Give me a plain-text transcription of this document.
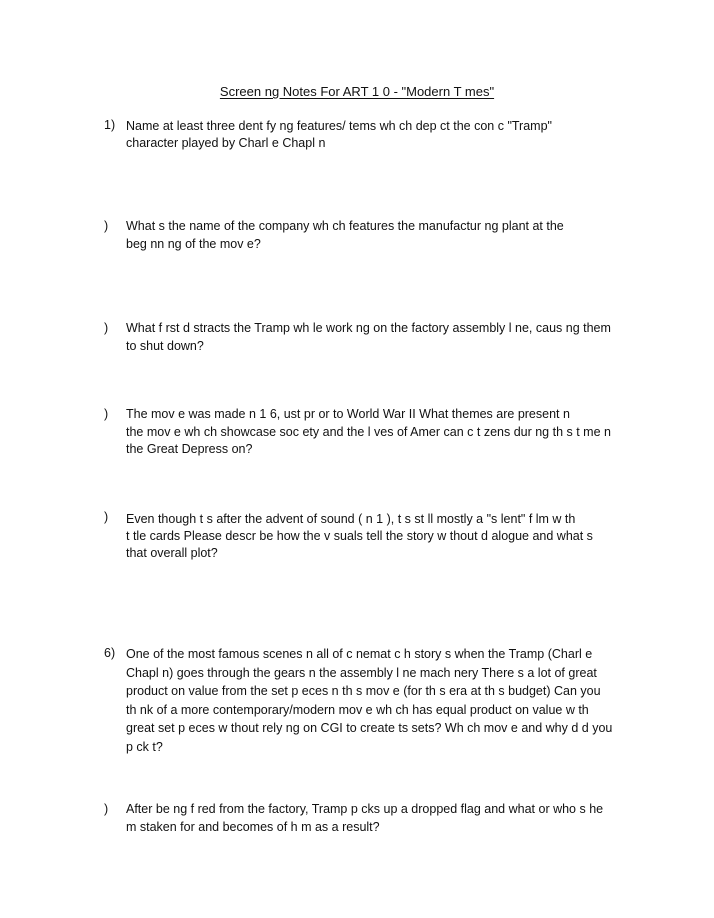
Screen ng Notes For ART 1 0 - "Modern T mes"
1) Name at least three dent fy ng features/ tems wh ch dep ct the con c "Tramp"
character played by Charl e Chapl n
)	What s the name of the company wh ch features the manufactur ng plant at the
beg nn ng of the mov e?
)	What f rst d stracts the Tramp wh le work ng on the factory assembly l ne, caus ng them
to shut down?
)	The mov e was made n 1 6, ust pr or to World War II What themes are present n
the mov e wh ch showcase soc ety and the l ves of Amer can c t zens dur ng th s t me n
the Great Depress on?
)	Even though t s after the advent of sound ( n 1 ), t s st ll mostly a "s lent" f lm w th
t tle cards Please descr be how the v suals tell the story w thout d alogue and what s
that overall plot?
6) One of the most famous scenes n all of c nemat c h story s when the Tramp (Charl e
Chapl n) goes through the gears n the assembly l ne mach nery There s a lot of great
product on value from the set p eces n th s mov e (for th s era at th s budget) Can you
th nk of a more contemporary/modern mov e wh ch has equal product on value w th
great set p eces w thout rely ng on CGI to create ts sets? Wh ch mov e and why d d you
p ck t?
)	After be ng f red from the factory, Tramp p cks up a dropped flag and what or who s he
m staken for and becomes of h m as a result?
